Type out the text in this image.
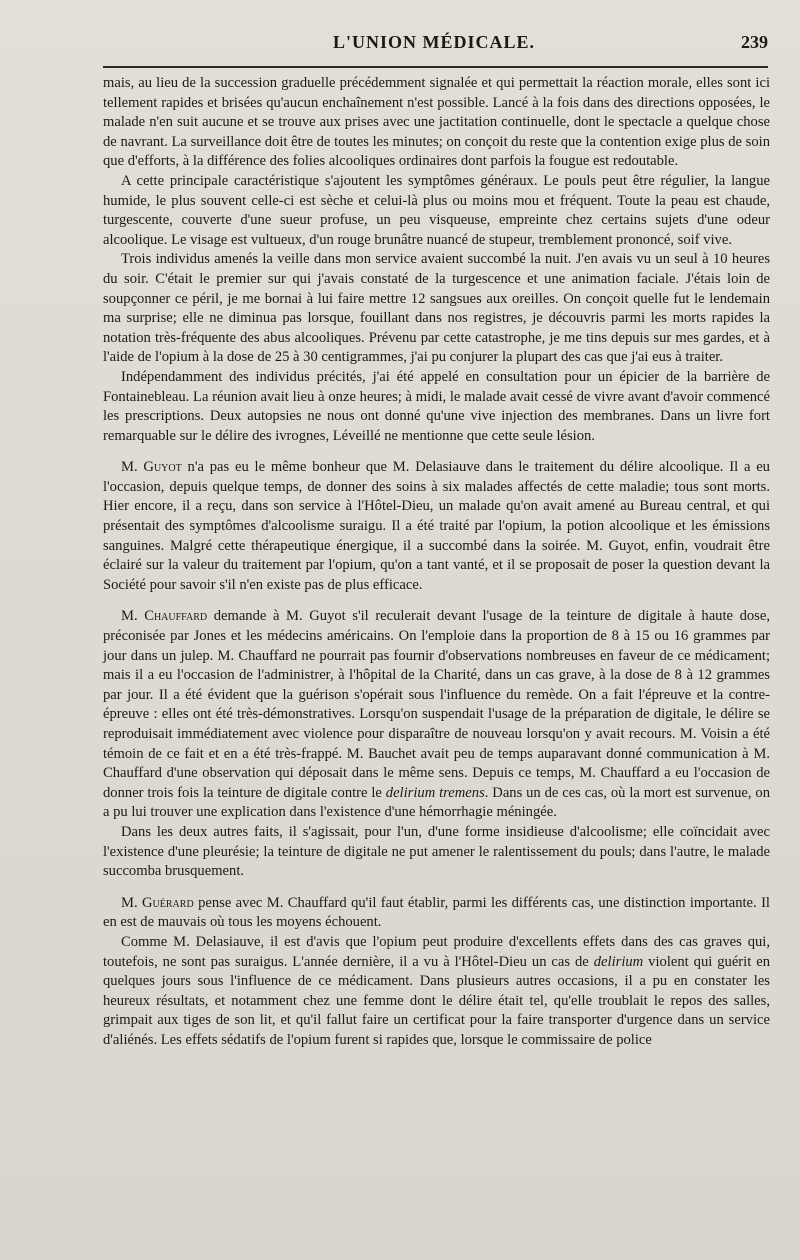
L'UNION MÉDICALE.	239

mais, au lieu de la succession graduelle précédemment signalée et qui permettait la réaction morale, elles sont ici tellement rapides et brisées qu'aucun enchaînement n'est possible. Lancé à la fois dans des directions opposées, le malade n'en suit aucune et se trouve aux prises avec une jactitation continuelle, dont le spectacle a quelque chose de navrant. La surveillance doit être de toutes les minutes; on conçoit du reste que la contention exige plus de soin que d'efforts, à la différence des folies alcooliques ordinaires dont parfois la fougue est redoutable.

A cette principale caractéristique s'ajoutent les symptômes généraux. Le pouls peut être régulier, la langue humide, le plus souvent celle-ci est sèche et celui-là plus ou moins mou et fréquent. Toute la peau est chaude, turgescente, couverte d'une sueur profuse, un peu visqueuse, empreinte chez certains sujets d'une odeur alcoolique. Le visage est vultueux, d'un rouge brunâtre nuancé de stupeur, tremblement prononcé, soif vive.

Trois individus amenés la veille dans mon service avaient succombé la nuit. J'en avais vu un seul à 10 heures du soir. C'était le premier sur qui j'avais constaté de la turgescence et une animation faciale. J'étais loin de soupçonner ce péril, je me bornai à lui faire mettre 12 sangsues aux oreilles. On conçoit quelle fut le lendemain ma surprise; elle ne diminua pas lorsque, fouillant dans nos registres, je découvris parmi les morts rapides la notation très-fréquente des abus alcooliques. Prévenu par cette catastrophe, je me tins depuis sur mes gardes, et à l'aide de l'opium à la dose de 25 à 30 centigrammes, j'ai pu conjurer la plupart des cas que j'ai eus à traiter.

Indépendamment des individus précités, j'ai été appelé en consultation pour un épicier de la barrière de Fontainebleau. La réunion avait lieu à onze heures; à midi, le malade avait cessé de vivre avant d'avoir commencé les prescriptions. Deux autopsies ne nous ont donné qu'une vive injection des membranes. Dans un livre fort remarquable sur le délire des ivrognes, Léveillé ne mentionne que cette seule lésion.

M. Guyot n'a pas eu le même bonheur que M. Delasiauve dans le traitement du délire alcoolique. Il a eu l'occasion, depuis quelque temps, de donner des soins à six malades affectés de cette maladie; tous sont morts. Hier encore, il a reçu, dans son service à l'Hôtel-Dieu, un malade qu'on avait amené au Bureau central, et qui présentait des symptômes d'alcoolisme suraigu. Il a été traité par l'opium, la potion alcoolique et les émissions sanguines. Malgré cette thérapeutique énergique, il a succombé dans la soirée. M. Guyot, enfin, voudrait être éclairé sur la valeur du traitement par l'opium, qu'on a tant vanté, et il se proposait de poser la question devant la Société pour savoir s'il n'en existe pas de plus efficace.

M. Chauffard demande à M. Guyot s'il reculerait devant l'usage de la teinture de digitale à haute dose, préconisée par Jones et les médecins américains. On l'emploie dans la proportion de 8 à 15 ou 16 grammes par jour dans un julep. M. Chauffard ne pourrait pas fournir d'observations nombreuses en faveur de ce médicament; mais il a eu l'occasion de l'administrer, à l'hôpital de la Charité, dans un cas grave, à la dose de 8 à 12 grammes par jour. Il a été évident que la guérison s'opérait sous l'influence du remède. On a fait l'épreuve et la contre-épreuve : elles ont été très-démonstratives. Lorsqu'on suspendait l'usage de la préparation de digitale, le délire se reproduisait immédiatement avec violence pour disparaître de nouveau lorsqu'on y avait recours. M. Voisin a été témoin de ce fait et en a été très-frappé. M. Bauchet avait peu de temps auparavant donné communication à M. Chauffard d'une observation qui déposait dans le même sens. Depuis ce temps, M. Chauffard a eu l'occasion de donner trois fois la teinture de digitale contre le delirium tremens. Dans un de ces cas, où la mort est survenue, on a pu lui trouver une explication dans l'existence d'une hémorrhagie méningée.

Dans les deux autres faits, il s'agissait, pour l'un, d'une forme insidieuse d'alcoolisme; elle coïncidait avec l'existence d'une pleurésie; la teinture de digitale ne put amener le ralentissement du pouls; dans l'autre, le malade succomba brusquement.

M. Guérard pense avec M. Chauffard qu'il faut établir, parmi les différents cas, une distinction importante. Il en est de mauvais où tous les moyens échouent.

Comme M. Delasiauve, il est d'avis que l'opium peut produire d'excellents effets dans des cas graves qui, toutefois, ne sont pas suraigus. L'année dernière, il a vu à l'Hôtel-Dieu un cas de delirium violent qui guérit en quelques jours sous l'influence de ce médicament. Dans plusieurs autres occasions, il a pu en constater les heureux résultats, et notamment chez une femme dont le délire était tel, qu'elle troublait le repos des salles, grimpait aux tiges de son lit, et qu'il fallut faire un certificat pour la faire transporter d'urgence dans un service d'aliénés. Les effets sédatifs de l'opium furent si rapides que, lorsque le commissaire de police
